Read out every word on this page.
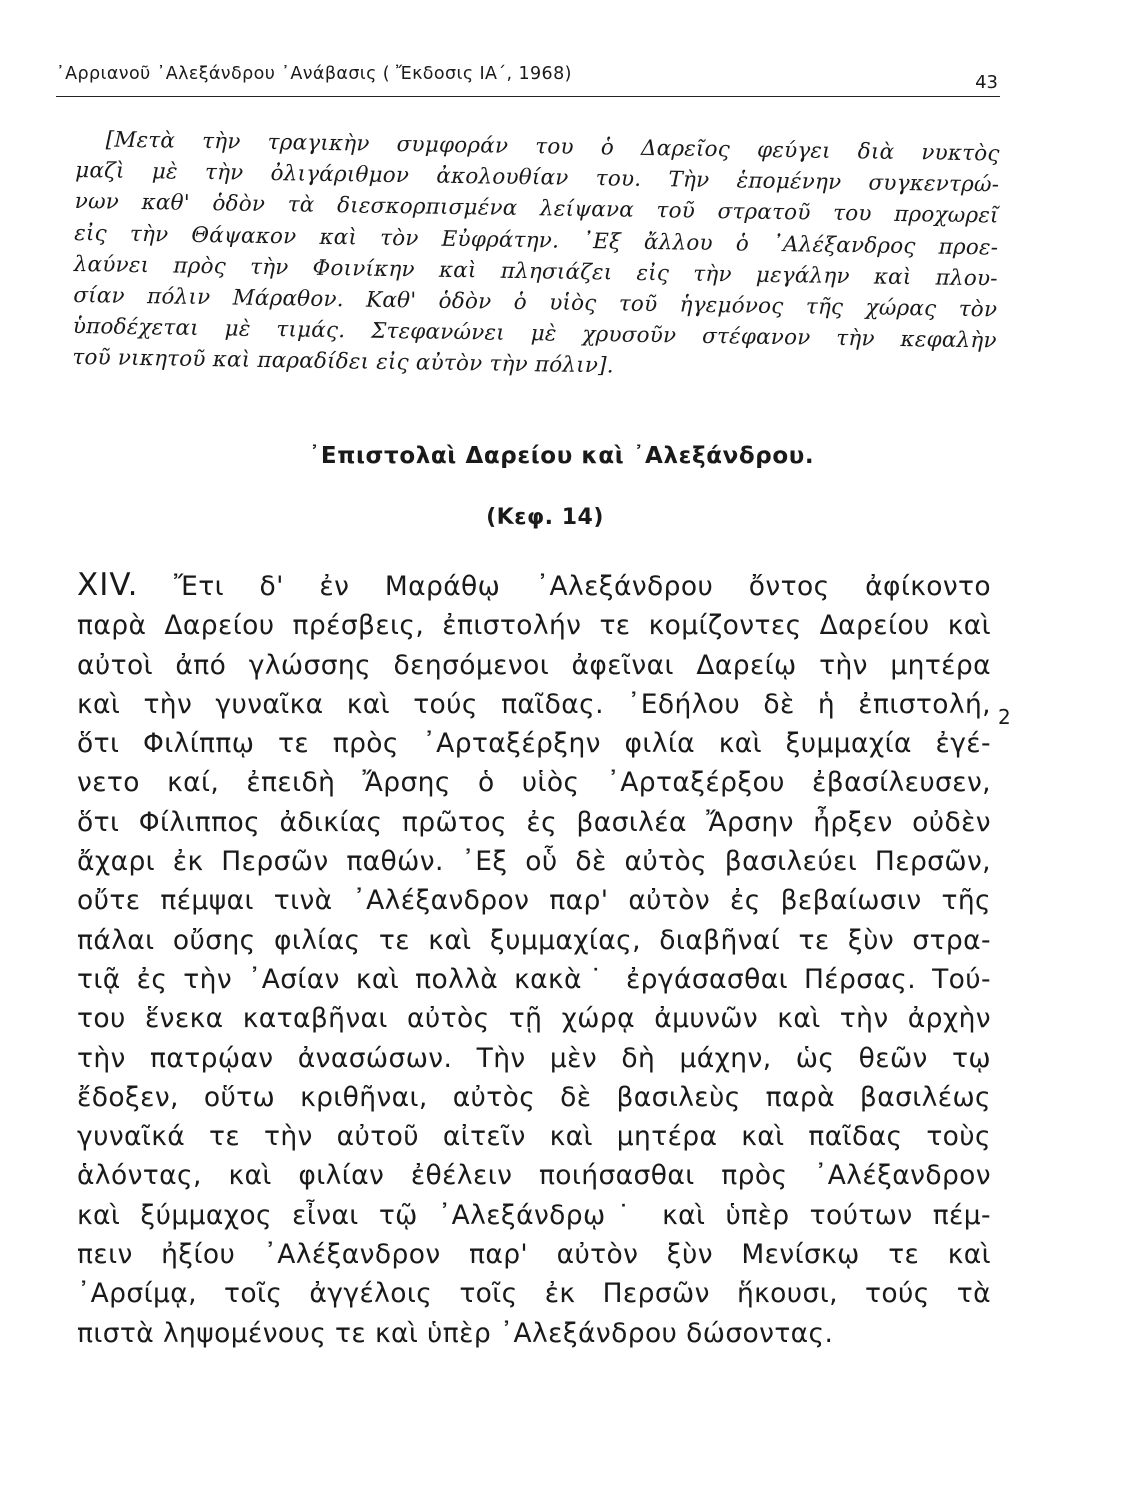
᾿Αρριανοῦ ᾿Αλεξάνδρου ᾿Ανάβασις ( Ἔκδοσις ΙΑ΄, 1968)	43
[Μετὰ τὴν τραγικὴν συμφοράν του ὁ Δαρεῖος φεύγει διὰ νυκτὸς
μαζὶ μὲ τὴν ὀλιγάριθμον ἀκολουθίαν του. Τὴν ἑπομένην συγκεντρώ-
νων καθ' ὁδὸν τὰ διεσκορπισμένα λείψανα τοῦ στρατοῦ του προχωρεῖ
εἰς τὴν Θάψακον καὶ τὸν Εὐφράτην. ᾿Εξ ἄλλου ὁ ᾿Αλέξανδρος προε-
λαύνει πρὸς τὴν Φοινίκην καὶ πλησιάζει εἰς τὴν μεγάλην καὶ πλου-
σίαν πόλιν Μάραθον. Καθ' ὁδὸν ὁ υἱὸς τοῦ ἡγεμόνος τῆς χώρας τὸν
ὑποδέχεται μὲ τιμάς. Στεφανώνει μὲ χρυσοῦν στέφανον τὴν κεφαλὴν
τοῦ νικητοῦ καὶ παραδίδει εἰς αὐτὸν τὴν πόλιν].
᾿Επιστολαὶ Δαρείου καὶ ᾿Αλεξάνδρου.
(Κεφ. 14)
XIV. Ἔτι δ' ἐν Μαράθῳ ᾿Αλεξάνδρου ὄντος ἀφίκοντο
παρὰ Δαρείου πρέσβεις, ἐπιστολήν τε κομίζοντες Δαρείου καὶ
αὐτοὶ ἀπό γλώσσης δεησόμενοι ἀφεῖναι Δαρείῳ τὴν μητέρα
καὶ τὴν γυναῖκα καὶ τούς παῖδας. ᾿Εδήλου δὲ ἡ ἐπιστολή,
ὅτι Φιλίππῳ τε πρὸς ᾿Αρταξέρξην φιλία καὶ ξυμμαχία ἐγέ-
νετο καί, ἐπειδὴ Ἄρσης ὁ υἱὸς ᾿Αρταξέρξου ἐβασίλευσεν,
ὅτι Φίλιππος ἀδικίας πρῶτος ἐς βασιλέα Ἄρσην ἦρξεν οὐδὲν
ἄχαρι ἐκ Περσῶν παθών. ᾿Εξ οὗ δὲ αὐτὸς βασιλεύει Περσῶν,
οὔτε πέμψαι τινὰ ᾿Αλέξανδρον παρ' αὐτὸν ἐς βεβαίωσιν τῆς
πάλαι οὔσης φιλίας τε καὶ ξυμμαχίας, διαβῆναί τε ξὺν στρα-
τιᾷ ἐς τὴν ᾿Ασίαν καὶ πολλὰ κακὰ˙ ἐργάσασθαι Πέρσας. Τού-
του ἕνεκα καταβῆναι αὐτὸς τῇ χώρᾳ ἀμυνῶν καὶ τὴν ἀρχὴν
τὴν πατρῴαν ἀνασώσων. Τὴν μὲν δὴ μάχην, ὡς θεῶν τῳ
ἔδοξεν, οὕτω κριθῆναι, αὐτὸς δὲ βασιλεὺς παρὰ βασιλέως
γυναῖκά τε τὴν αὐτοῦ αἰτεῖν καὶ μητέρα καὶ παῖδας τοὺς
ἁλόντας, καὶ φιλίαν ἐθέλειν ποιήσασθαι πρὸς ᾿Αλέξανδρον
καὶ ξύμμαχος εἶναι τῷ ᾿Αλεξάνδρῳ˙ καὶ ὑπὲρ τούτων πέμ-
πειν ἠξίου ᾿Αλέξανδρον παρ' αὐτὸν ξὺν Μενίσκῳ τε καὶ
᾿Αρσίμᾳ, τοῖς ἀγγέλοις τοῖς ἐκ Περσῶν ἥκουσι, τούς τὰ
πιστὰ ληψομένους τε καὶ ὑπὲρ ᾿Αλεξάνδρου δώσοντας.
2
